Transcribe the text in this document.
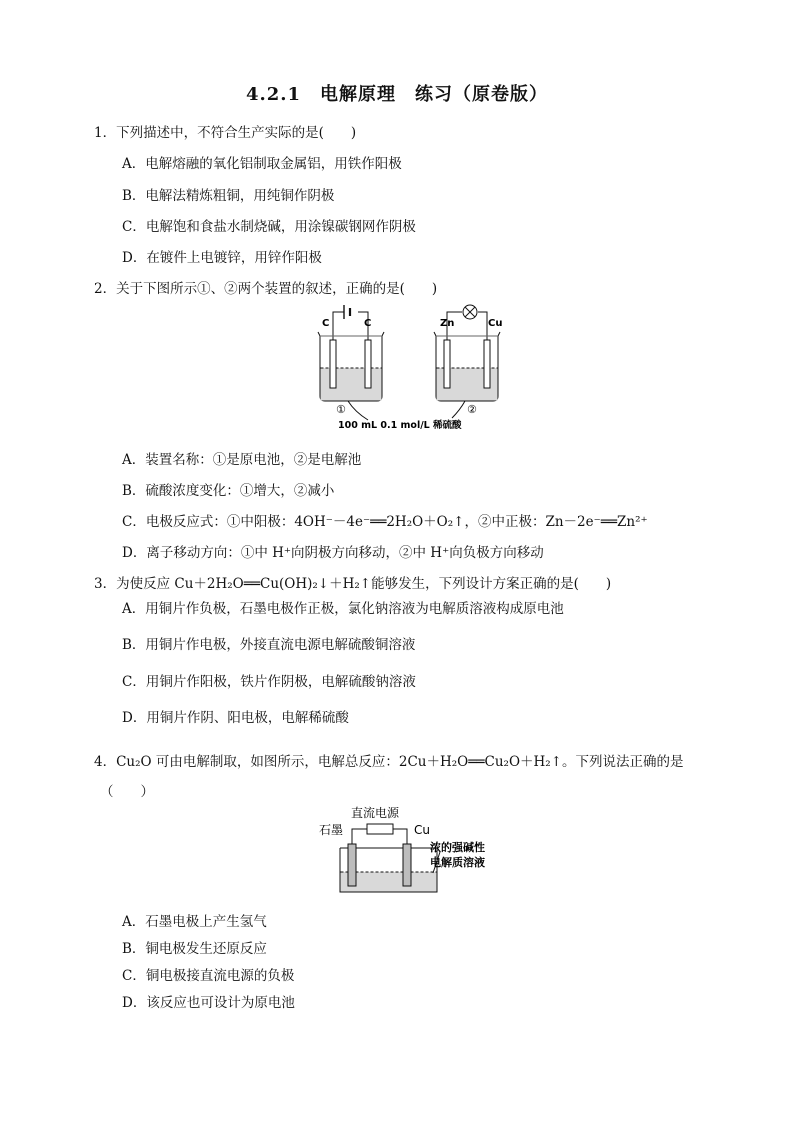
4.2.1　电解原理　练习（原卷版）
1．下列描述中，不符合生产实际的是(　　)
A．电解熔融的氧化铝制取金属铝，用铁作阳极
B．电解法精炼粗铜，用纯铜作阴极
C．电解饱和食盐水制烧碱，用涂镍碳钢网作阴极
D．在镀件上电镀锌，用锌作阳极
2．关于下图所示①、②两个装置的叙述，正确的是(　　)
C	C	Zn	Cu
①	②
100 mL 0.1 mol/L 稀硫酸
A．装置名称：①是原电池，②是电解池
B．硫酸浓度变化：①增大，②减小
C．电极反应式：①中阳极：4OH⁻－4e⁻══2H₂O＋O₂↑，②中正极：Zn－2e⁻══Zn²⁺
D．离子移动方向：①中 H⁺向阴极方向移动，②中 H⁺向负极方向移动
3．为使反应 Cu＋2H₂O══Cu(OH)₂↓＋H₂↑能够发生，下列设计方案正确的是(　　)
A．用铜片作负极，石墨电极作正极，氯化钠溶液为电解质溶液构成原电池
B．用铜片作电极，外接直流电源电解硫酸铜溶液
C．用铜片作阳极，铁片作阴极，电解硫酸钠溶液
D．用铜片作阴、阳电极，电解稀硫酸
4．Cu₂O 可由电解制取，如图所示，电解总反应：2Cu＋H₂O══Cu₂O＋H₂↑。下列说法正确的是
（　　）
直流电源
石墨	Cu
浓的强碱性
电解质溶液
A．石墨电极上产生氢气
B．铜电极发生还原反应
C．铜电极接直流电源的负极
D．该反应也可设计为原电池
